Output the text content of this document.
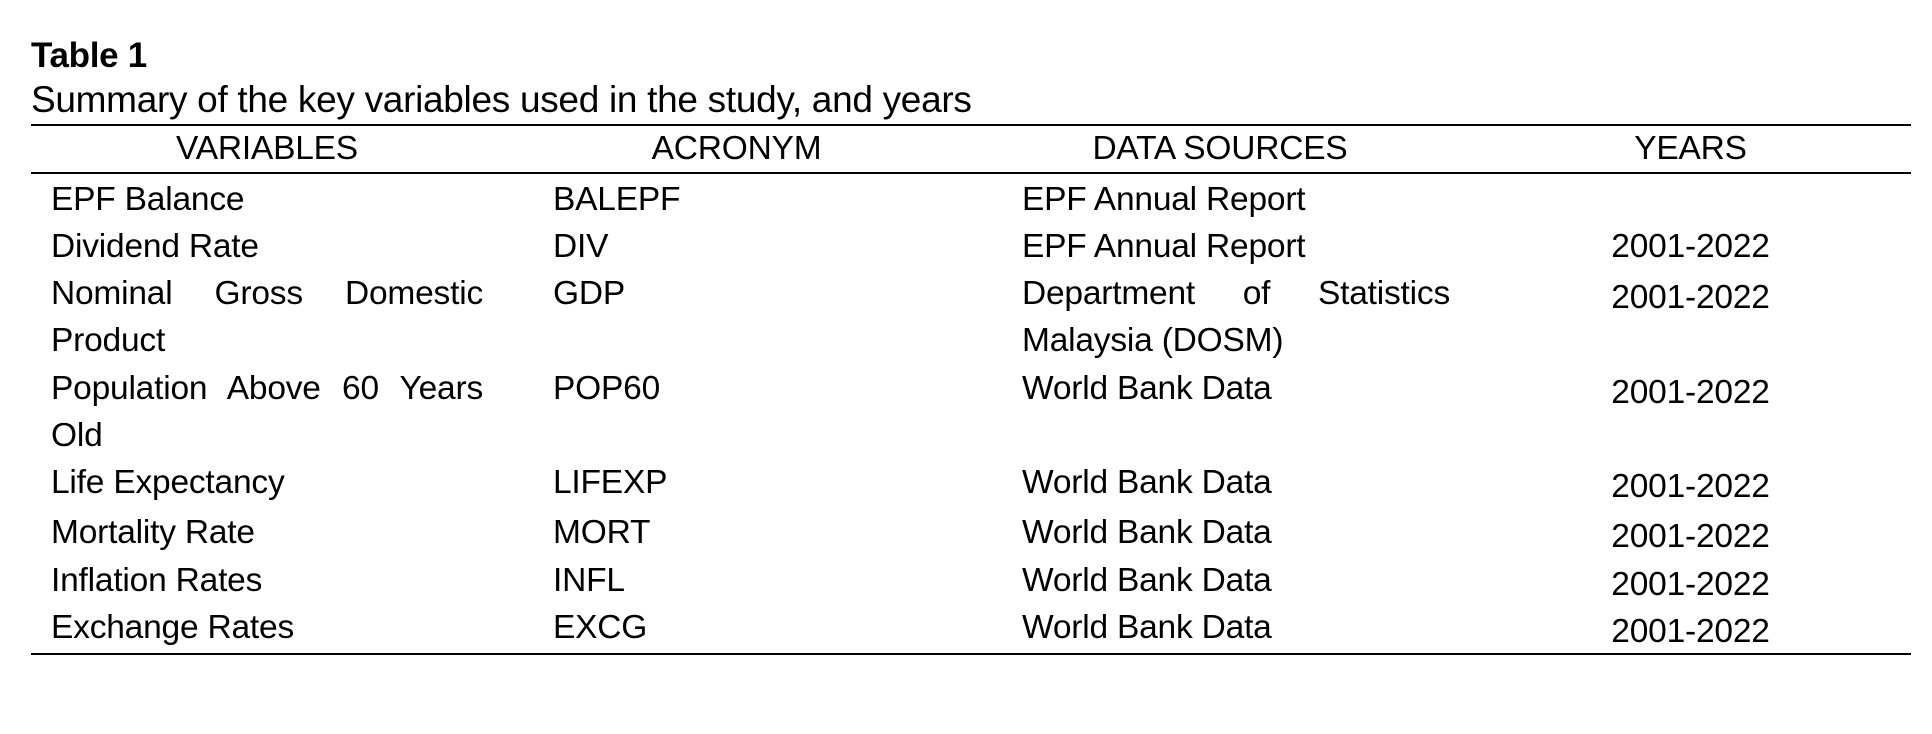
Table 1
Summary of the key variables used in the study, and years
VARIABLES	ACRONYM	DATA SOURCES	YEARS
EPF Balance	BALEPF	EPF Annual Report	
Dividend Rate	DIV	EPF Annual Report	2001-2022
Nominal Gross Domestic Product	GDP	Department of Statistics Malaysia (DOSM)	2001-2022
Population Above 60 Years Old	POP60	World Bank Data	2001-2022
Life Expectancy	LIFEXP	World Bank Data	2001-2022
Mortality Rate	MORT	World Bank Data	2001-2022
Inflation Rates	INFL	World Bank Data	2001-2022
Exchange Rates	EXCG	World Bank Data	2001-2022
